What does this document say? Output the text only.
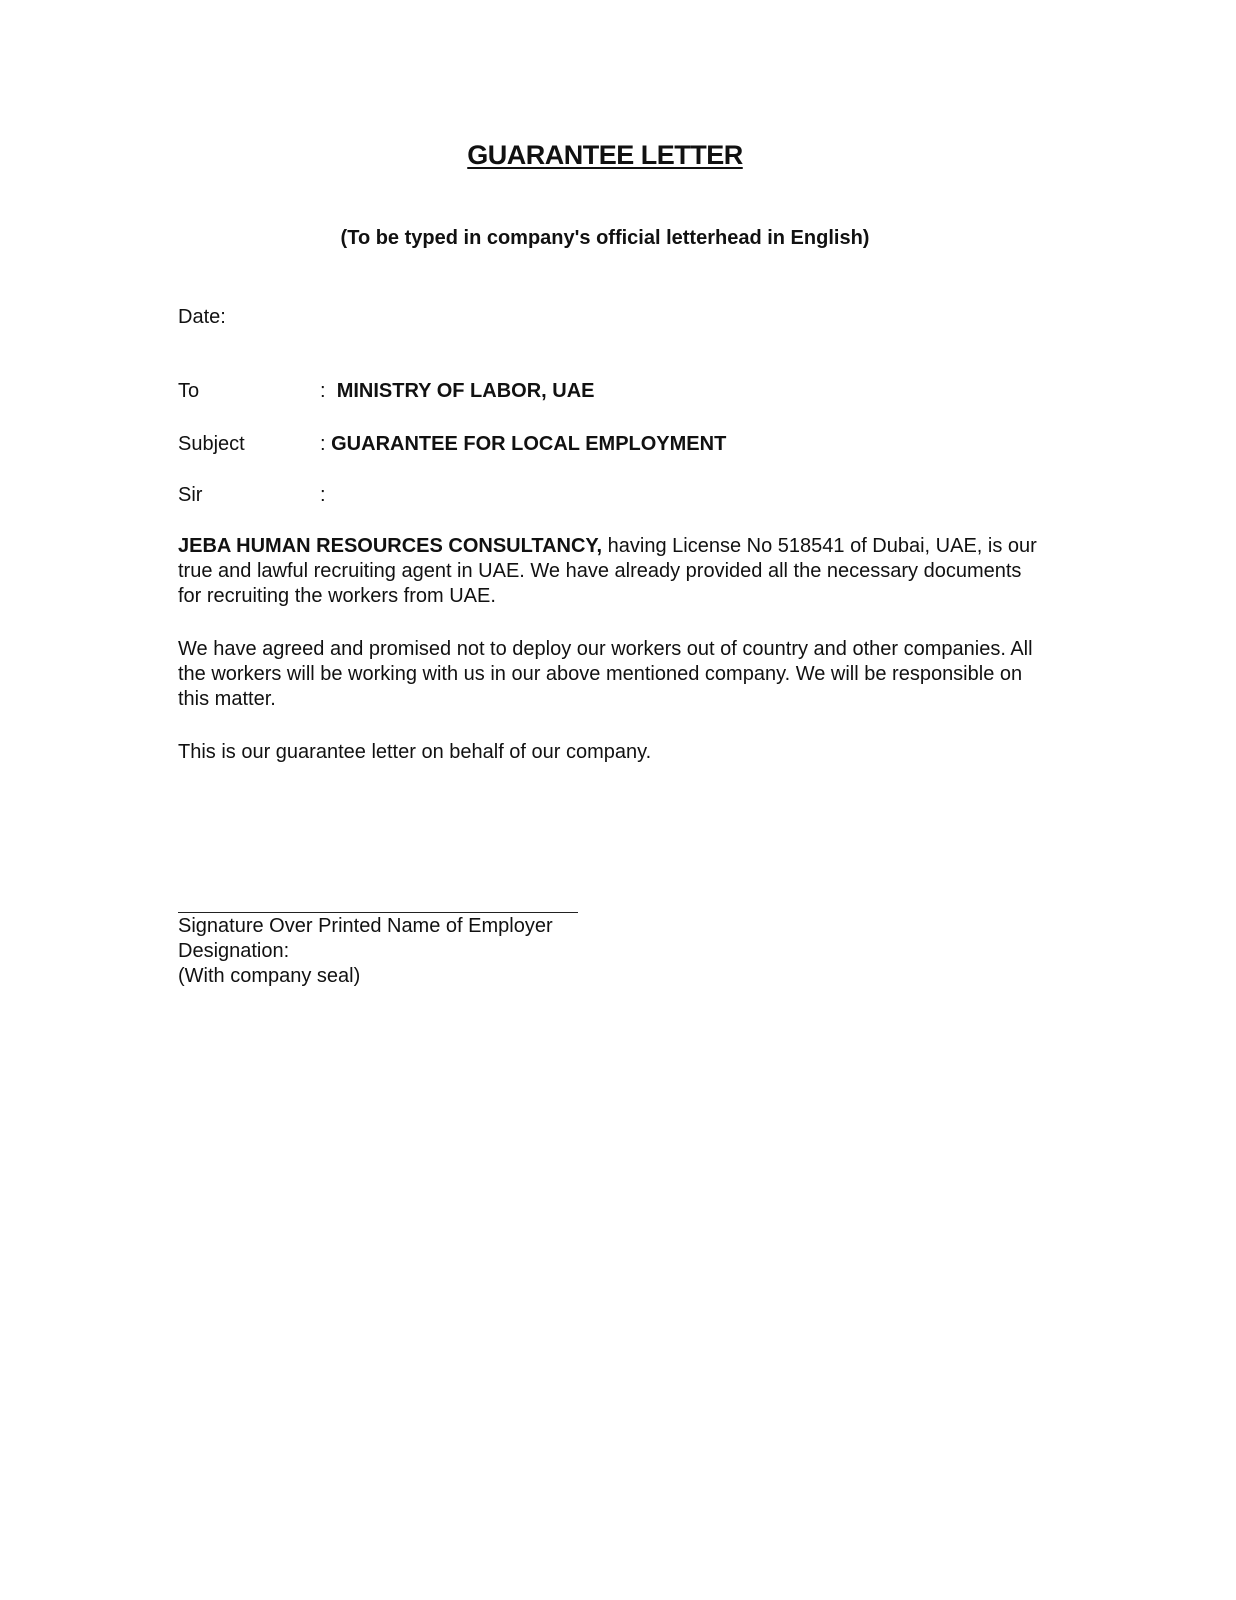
GUARANTEE LETTER

(To be typed in company's official letterhead in English)

Date:

To	: MINISTRY OF LABOR, UAE

Subject	: GUARANTEE FOR LOCAL EMPLOYMENT

Sir	:

JEBA HUMAN RESOURCES CONSULTANCY, having License No 518541 of Dubai, UAE, is our true and lawful recruiting agent in UAE. We have already provided all the necessary documents for recruiting the workers from UAE.

We have agreed and promised not to deploy our workers out of country and other companies. All the workers will be working with us in our above mentioned company. We will be responsible on this matter.

This is our guarantee letter on behalf of our company.

Signature Over Printed Name of Employer
Designation:
(With company seal)
